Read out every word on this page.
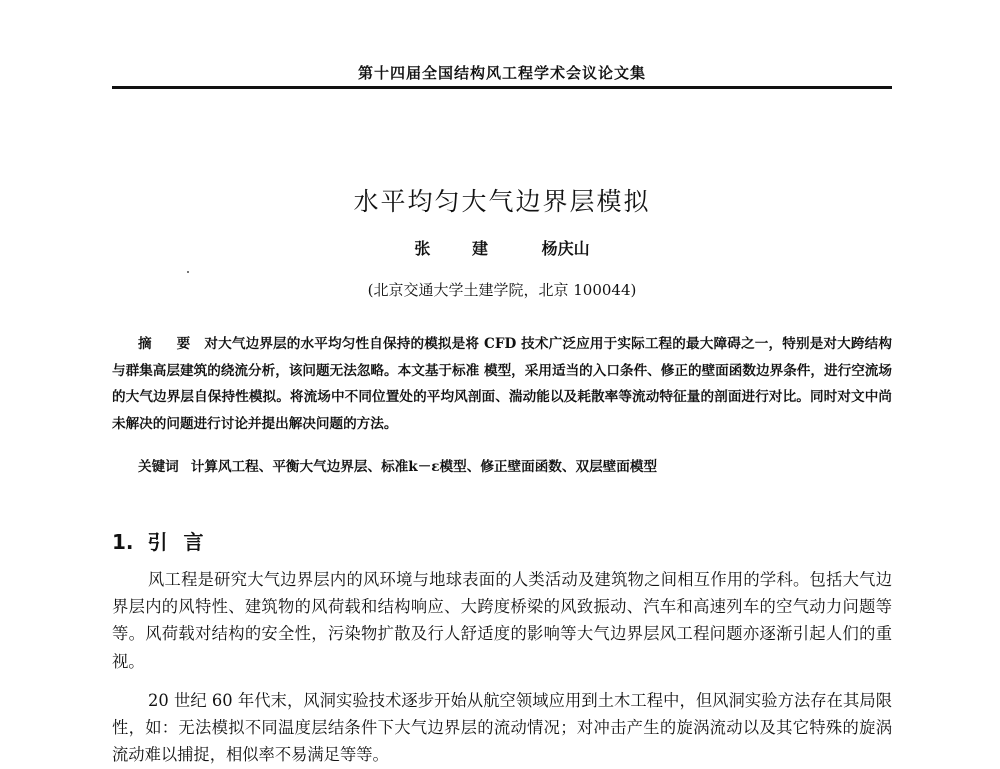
第十四届全国结构风工程学术会议论文集
水平均匀大气边界层模拟
张 建 杨庆山
(北京交通大学土建学院，北京 100044)
摘 要 对大气边界层的水平均匀性自保持的模拟是将 CFD 技术广泛应用于实际工程的最大障碍之一，特别是对大跨结构与群集高层建筑的绕流分析，该问题无法忽略。本文基于标准 模型，采用适当的入口条件、修正的壁面函数边界条件，进行空流场的大气边界层自保持性模拟。将流场中不同位置处的平均风剖面、湍动能以及耗散率等流动特征量的剖面进行对比。同时对文中尚未解决的问题进行讨论并提出解决问题的方法。
关键词 计算风工程、平衡大气边界层、标准k－ε模型、修正壁面函数、双层壁面模型
1. 引言

风工程是研究大气边界层内的风环境与地球表面的人类活动及建筑物之间相互作用的学科。包括大气边界层内的风特性、建筑物的风荷载和结构响应、大跨度桥梁的风致振动、汽车和高速列车的空气动力问题等等。风荷载对结构的安全性，污染物扩散及行人舒适度的影响等大气边界层风工程问题亦逐渐引起人们的重视。

20 世纪 60 年代末，风洞实验技术逐步开始从航空领域应用到土木工程中，但风洞实验方法存在其局限性，如：无法模拟不同温度层结条件下大气边界层的流动情况；对冲击产生的旋涡流动以及其它特殊的旋涡流动难以捕捉，相似率不易满足等等。
